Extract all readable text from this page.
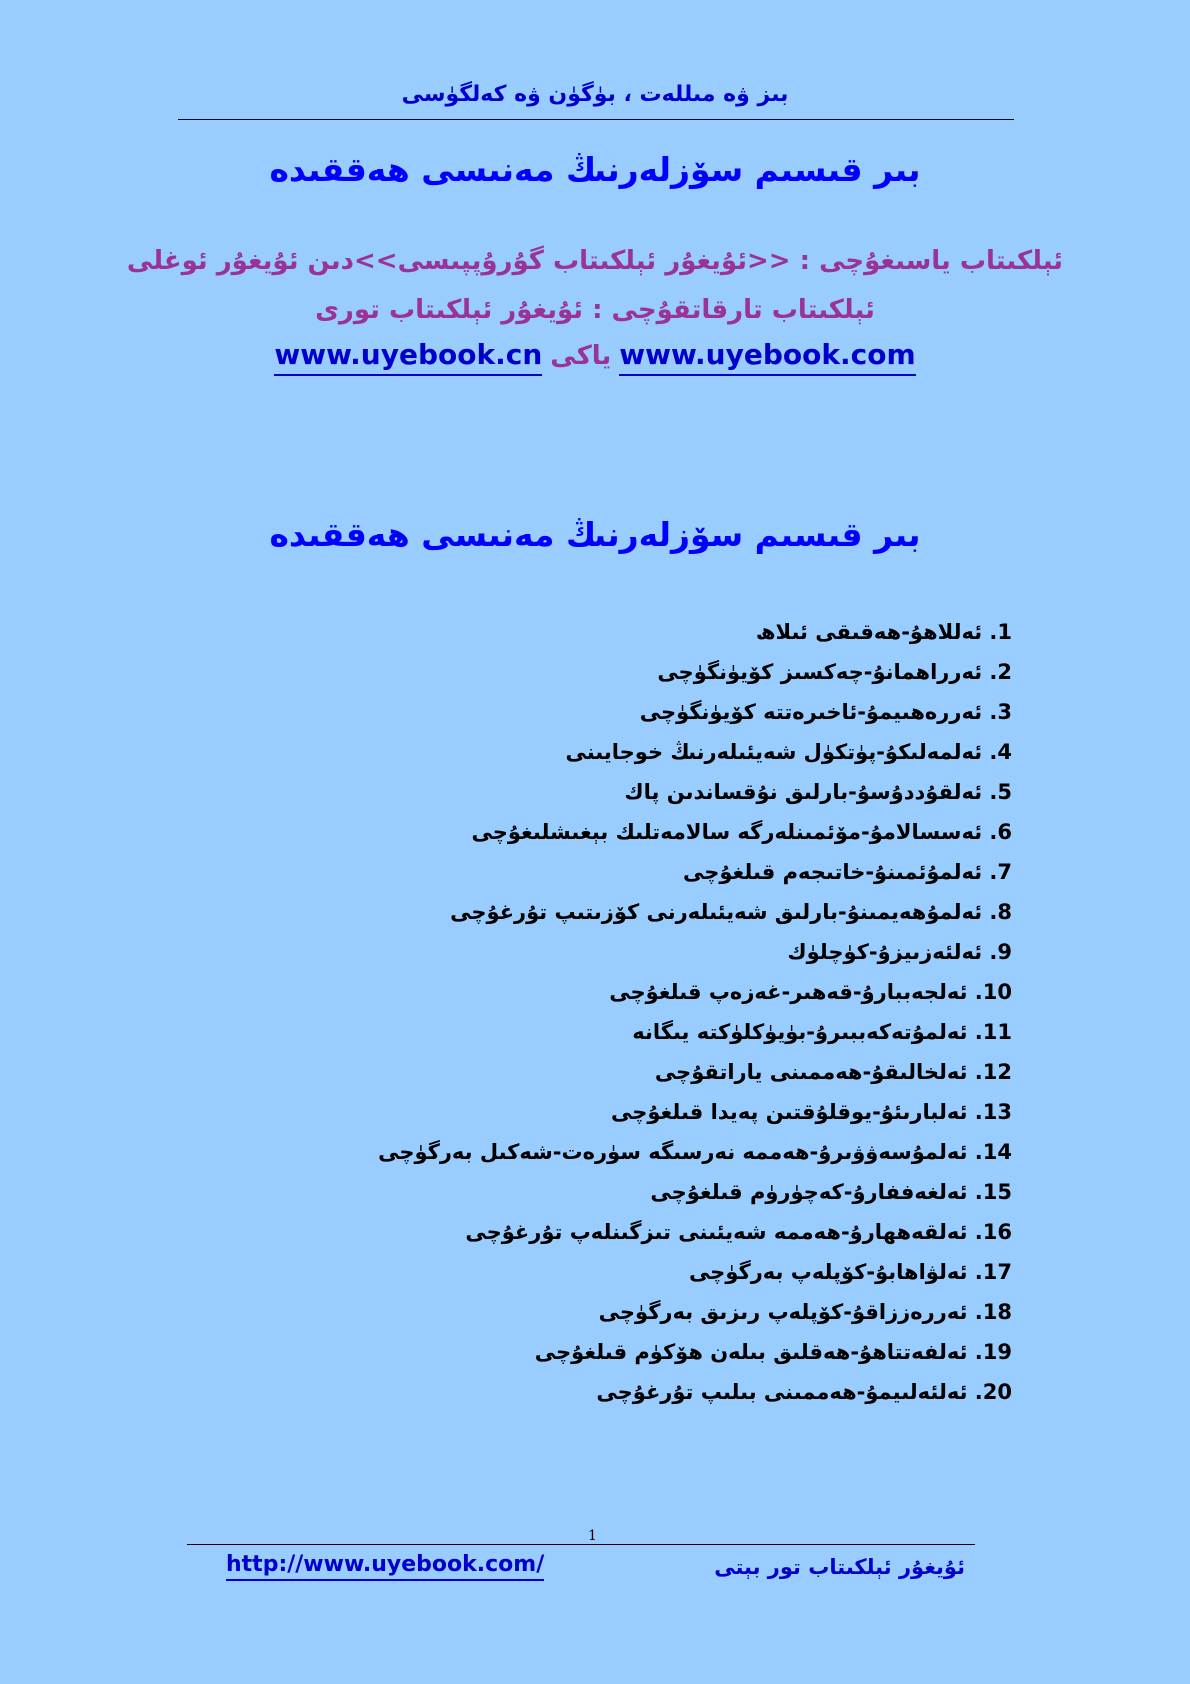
بىز ۋە مىللەت ، بۈگۈن ۋە كەلگۈسى
بىر قىسىم سۆزلەرنىڭ مەنىسى ھەققىدە
ئېلكىتاب ياسىغۇچى : <<ئۇيغۇر ئېلكىتاب گۇرۇپپىسى>>دىن ئۇيغۇر ئوغلى
ئېلكىتاب تارقاتقۇچى : ئۇيغۇر ئېلكىتاب تورى
www.uyebook.cn ياكى www.uyebook.com
بىر قىسىم سۆزلەرنىڭ مەنىسى ھەققىدە
1. ئەللاھۇ-ھەقىقى ئىلاھ
2. ئەرراھمانۇ-چەكسىز كۆيۈنگۈچى
3. ئەررەھىيمۇ-ئاخىرەتتە كۆيۈنگۈچى
4. ئەلمەلىكۇ-پۈتكۈل شەيئىلەرنىڭ خوجايىنى
5. ئەلقۇددۇسۇ-بارلىق نۇقساندىن پاك
6. ئەسسالامۇ-مۆئمىنلەرگە سالامەتلىك بېغىشلىغۇچى
7. ئەلمۇئمىنۇ-خاتىجەم قىلغۇچى
8. ئەلمۇھەيمىنۇ-بارلىق شەيئىلەرنى كۆزىتىپ تۇرغۇچى
9. ئەلئەزىيزۇ-كۈچلۈك
10. ئەلجەببارۇ-قەھىر-غەزەپ قىلغۇچى
11. ئەلمۇتەكەببىرۇ-بۈيۈكلۈكتە يىگانە
12. ئەلخالىقۇ-ھەممىنى ياراتقۇچى
13. ئەلبارىئۇ-يوقلۇقتىن پەيدا قىلغۇچى
14. ئەلمۇسەۋۋىرۇ-ھەممە نەرسىگە سۈرەت-شەكىل بەرگۈچى
15. ئەلغەففارۇ-كەچۈرۈم قىلغۇچى
16. ئەلقەھھارۇ-ھەممە شەيئىنى تىزگىنلەپ تۇرغۇچى
17. ئەلۋاھابۇ-كۆپلەپ بەرگۈچى
18. ئەررەززاقۇ-كۆپلەپ رىزىق بەرگۈچى
19. ئەلفەتتاھۇ-ھەقلىق بىلەن ھۆكۈم قىلغۇچى
20. ئەلئەلىيمۇ-ھەممىنى بىلىپ تۇرغۇچى
1
http://www.uyebook.com/	ئۇيغۇر ئېلكىتاب تور بېتى
